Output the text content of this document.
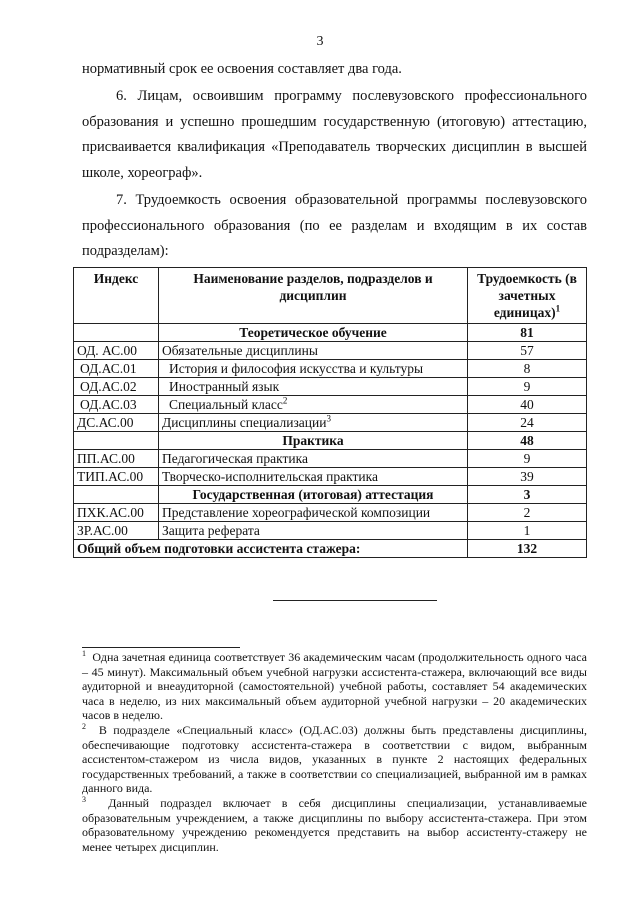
3
нормативный срок ее освоения составляет два года.
6. Лицам, освоившим программу послевузовского профессионального образования и успешно прошедшим государственную (итоговую) аттестацию, присваивается квалификация «Преподаватель творческих дисциплин в высшей школе, хореограф».
7. Трудоемкость освоения образовательной программы послевузовского профессионального образования (по ее разделам и входящим в их состав подразделам):
Индекс	Наименование разделов, подразделов и дисциплин	Трудоемкость (в зачетных единицах)$^1$
	Теоретическое обучение	81
ОД. АС.00	Обязательные дисциплины	57
ОД.АС.01	История и философия искусства и культуры	8
ОД.АС.02	Иностранный язык	9
ОД.АС.03	Специальный класс$^2$	40
ДС.АС.00	Дисциплины специализации$^3$	24
	Практика	48
ПП.АС.00	Педагогическая практика	9
ТИП.АС.00	Творческо-исполнительская практика	39
	Государственная (итоговая) аттестация	3
ПХК.АС.00	Представление хореографической композиции	2
ЗР.АС.00	Защита реферата	1
Общий объем подготовки ассистента стажера:		132

$^1$ Одна зачетная единица соответствует 36 академическим часам (продолжительность одного часа – 45 минут). Максимальный объем учебной нагрузки ассистента-стажера, включающий все виды аудиторной и внеаудиторной (самостоятельной) учебной работы, составляет 54 академических часа в неделю, из них максимальный объем аудиторной учебной нагрузки – 20 академических часов в неделю.

$^2$ В подразделе «Специальный класс» (ОД.АС.03) должны быть представлены дисциплины, обеспечивающие подготовку ассистента-стажера в соответствии с видом, выбранным ассистентом-стажером из числа видов, указанных в пункте 2 настоящих федеральных государственных требований, а также в соответствии со специализацией, выбранной им в рамках данного вида.

$^3$ Данный подраздел включает в себя дисциплины специализации, устанавливаемые образовательным учреждением, а также дисциплины по выбору ассистента-стажера. При этом образовательному учреждению рекомендуется представить на выбор ассистенту-стажеру не менее четырех дисциплин.
